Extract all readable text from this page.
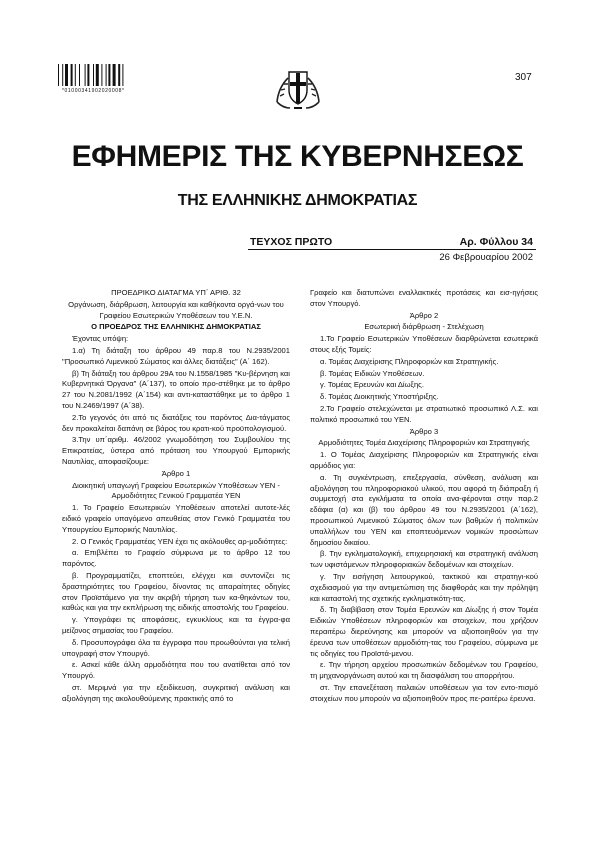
*01000341902020008*
307
ΕΦΗΜΕΡΙΣ ΤΗΣ ΚΥΒΕΡΝΗΣΕΩΣ
ΤΗΣ ΕΛΛΗΝΙΚΗΣ ΔΗΜΟΚΡΑΤΙΑΣ
ΤΕΥΧΟΣ ΠΡΩΤΟ	Αρ. Φύλλου 34
26 Φεβρουαρίου 2002

ΠΡΟΕΔΡΙΚΟ ΔΙΑΤΑΓΜΑ ΥΠ΄ ΑΡΙΘ. 32

Οργάνωση, διάρθρωση, λειτουργία και καθήκοντα οργά-νων του Γραφείου Εσωτερικών Υποθέσεων του Υ.Ε.Ν.

Ο ΠΡΟΕΔΡΟΣ ΤΗΣ ΕΛΛΗΝΙΚΗΣ ΔΗΜΟΚΡΑΤΙΑΣ

Έχοντας υπόψη:

1.α) Τη διάταξη του άρθρου 49 παρ.8 του Ν.2935/2001 "Προσωπικό Λιμενικού Σώματος και άλλες διατάξεις" (Α΄ 162).

β) Τη διάταξη του άρθρου 29Α του Ν.1558/1985 "Κυ-βέρνηση και Κυβερνητικά Όργανα" (Α΄137), το οποίο προ-στέθηκε με το άρθρο 27 του Ν.2081/1992 (Α΄154) και αντι-καταστάθηκε με το άρθρο 1 του Ν.2469/1997 (Α΄38).

2.Το γεγονός ότι από τις διατάξεις του παρόντος Δια-τάγματος δεν προκαλείται δαπάνη σε βάρος του κρατι-κού προϋπολογισμού.

3.Την υπ΄αριθμ. 46/2002 γνωμοδότηση του Συμβουλίου της Επικρατείας, ύστερα από πρόταση του Υπουργού Εμπορικής Ναυτιλίας, αποφασίζουμε:

Άρθρο 1

Διοικητική υπαγωγή Γραφείου Εσωτερικών Υποθέσεων ΥΕΝ - Αρμοδιότητες Γενικού Γραμματέα ΥΕΝ

1. Το Γραφείο Εσωτερικών Υποθέσεων αποτελεί αυτοτε-λές ειδικό γραφείο υπαγόμενο απευθείας στον Γενικό Γραμματέα του Υπουργείου Εμπορικής Ναυτιλίας.

2. Ο Γενικός Γραμματέας ΥΕΝ έχει τις ακόλουθες αρ-μοδιότητες:

α. Επιβλέπει το Γραφείο σύμφωνα με το άρθρο 12 του παρόντος.

β. Προγραμματίζει, εποπτεύει, ελέγχει και συντονίζει τις δραστηριότητες του Γραφείου, δίνοντας τις απαραίτητες οδηγίες στον Προϊστάμενο για την ακριβή τήρηση των κα-θηκόντων του, καθώς και για την εκπλήρωση της ειδικής αποστολής του Γραφείου.

γ. Υπογράφει τις αποφάσεις, εγκυκλίους και τα έγγρα-φα μείζονος σημασίας του Γραφείου.

δ. Προσυπογράφει όλα τα έγγραφα που προωθούνται για τελική υπογραφή στον Υπουργό.

ε. Ασκεί κάθε άλλη αρμοδιότητα που του ανατίθεται από τον Υπουργό.

στ. Μεριμνά για την εξειδίκευση, συγκριτική ανάλυση και αξιολόγηση της ακολουθούμενης πρακτικής από το

Γραφείο και διατυπώνει εναλλακτικές προτάσεις και εισ-ηγήσεις στον Υπουργό.

Άρθρο 2

Εσωτερική διάρθρωση - Στελέχωση

1.Το Γραφείο Εσωτερικών Υποθέσεων διαρθρώνεται εσωτερικά στους εξής Τομείς:

α. Τομέας Διαχείρισης Πληροφοριών και Στρατηγικής.

β. Τομέας Ειδικών Υποθέσεων.

γ. Τομέας Ερευνών και Δίωξης.

δ. Τομέας Διοικητικής Υποστήριξης.

2.Το Γραφείο στελεχώνεται με στρατιωτικό προσωπικό Λ.Σ. και πολιτικό προσωπικό του ΥΕΝ.

Άρθρο 3

Αρμοδιότητες Τομέα Διαχείρισης Πληροφοριών και Στρατηγικής

1. Ο Τομέας Διαχείρισης Πληροφοριών και Στρατηγικής είναι αρμόδιος για:

α. Τη συγκέντρωση, επεξεργασία, σύνθεση, ανάλυση και αξιολόγηση του πληροφοριακού υλικού, που αφορά τη διάπραξη ή συμμετοχή στα εγκλήματα τα οποία ανα-φέρονται στην παρ.2 εδάφια (α) και (β) του άρθρου 49 του Ν.2935/2001 (Α΄162), προσωπικού Λιμενικού Σώματος όλων των βαθμών ή πολιτικών υπαλλήλων του ΥΕΝ και εποπτευόμενων νομικών προσώπων δημοσίου δικαίου.

β. Την εγκληματολογική, επιχειρησιακή και στρατηγική ανάλυση των υφιστάμενων πληροφοριακών δεδομένων και στοιχείων.

γ. Την εισήγηση λειτουργικού, τακτικού και στρατηγι-κού σχεδιασμού για την αντιμετώπιση της διαφθοράς και την πρόληψη και καταστολή της σχετικής εγκληματικότη-τας.

δ. Τη διαβίβαση στον Τομέα Ερευνών και Δίωξης ή στον Τομέα Ειδικών Υποθέσεων πληροφοριών και στοιχείων, που χρήζουν περαιτέρω διερεύνησης και μπορούν να αξιοποιηθούν για την έρευνα των υποθέσεων αρμοδιότη-τας του Γραφείου, σύμφωνα με τις οδηγίες του Προϊστά-μενου.

ε. Την τήρηση αρχείου προσωπικών δεδομένων του Γραφείου, τη μηχανοργάνωση αυτού και τη διασφάλιση του απορρήτου.

στ. Την επανεξέταση παλαιών υποθέσεων για τον εντο-πισμό στοιχείων που μπορούν να αξιοποιηθούν προς πε-ραιτέρω έρευνα.
